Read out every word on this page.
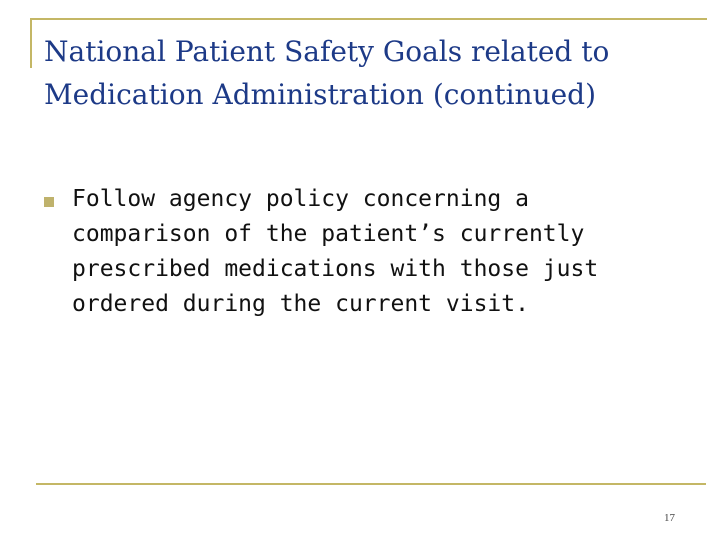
National Patient Safety Goals related to
Medication Administration (continued)
Follow agency policy concerning a comparison of the patient’s currently prescribed medications with those just ordered during the current visit.
17
